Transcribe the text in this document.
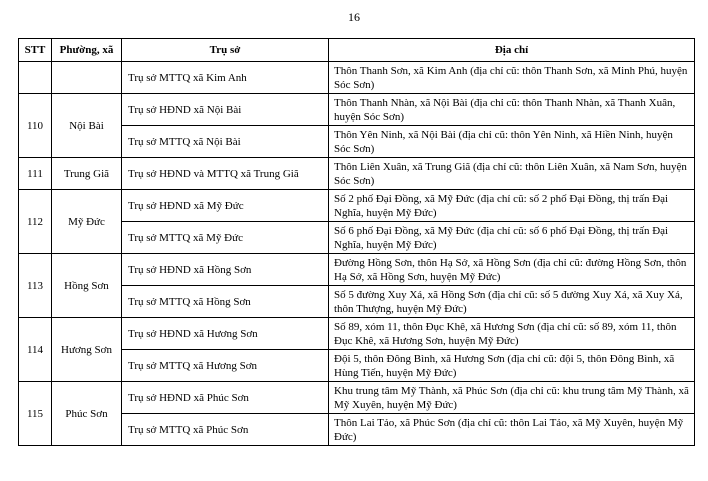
16
STT	Phường, xã	Trụ sở	Địa chỉ
		Trụ sở MTTQ xã Kim Anh	Thôn Thanh Sơn, xã Kim Anh (địa chỉ cũ: thôn Thanh Sơn, xã Minh Phú, huyện Sóc Sơn)
110	Nội Bài	Trụ sở HĐND xã Nội Bài	Thôn Thanh Nhàn, xã Nội Bài (địa chỉ cũ: thôn Thanh Nhàn, xã Thanh Xuân, huyện Sóc Sơn)
		Trụ sở MTTQ xã Nội Bài	Thôn Yên Ninh, xã Nội Bài (địa chỉ cũ: thôn Yên Ninh, xã Hiền Ninh, huyện Sóc Sơn)
111	Trung Giã	Trụ sở HĐND và MTTQ xã Trung Giã	Thôn Liên Xuân, xã Trung Giã (địa chỉ cũ: thôn Liên Xuân, xã Nam Sơn, huyện Sóc Sơn)
112	Mỹ Đức	Trụ sở HĐND xã Mỹ Đức	Số 2 phố Đại Đồng, xã Mỹ Đức (địa chỉ cũ: số 2 phố Đại Đồng, thị trấn Đại Nghĩa, huyện Mỹ Đức)
		Trụ sở MTTQ xã Mỹ Đức	Số 6 phố Đại Đồng, xã Mỹ Đức (địa chỉ cũ: số 6 phố Đại Đồng, thị trấn Đại Nghĩa, huyện Mỹ Đức)
113	Hồng Sơn	Trụ sở HĐND xã Hồng Sơn	Đường Hồng Sơn, thôn Hạ Sở, xã Hồng Sơn (địa chỉ cũ: đường Hồng Sơn, thôn Hạ Sở, xã Hồng Sơn, huyện Mỹ Đức)
		Trụ sở MTTQ xã Hồng Sơn	Số 5 đường Xuy Xá, xã Hồng Sơn (địa chỉ cũ: số 5 đường Xuy Xá, xã Xuy Xá, thôn Thượng, huyện Mỹ Đức)
114	Hương Sơn	Trụ sở HĐND xã Hương Sơn	Số 89, xóm 11, thôn Đục Khê, xã Hương Sơn (địa chỉ cũ: số 89, xóm 11, thôn Đục Khê, xã Hương Sơn, huyện Mỹ Đức)
		Trụ sở MTTQ xã Hương Sơn	Đội 5, thôn Đông Bình, xã Hương Sơn (địa chỉ cũ: đội 5, thôn Đông Bình, xã Hùng Tiến, huyện Mỹ Đức)
115	Phúc Sơn	Trụ sở HĐND xã Phúc Sơn	Khu trung tâm Mỹ Thành, xã Phúc Sơn (địa chỉ cũ: khu trung tâm Mỹ Thành, xã Mỹ Xuyên, huyện Mỹ Đức)
		Trụ sở MTTQ xã Phúc Sơn	Thôn Lai Tảo, xã Phúc Sơn (địa chỉ cũ: thôn Lai Tảo, xã Mỹ Xuyên, huyện Mỹ Đức)
